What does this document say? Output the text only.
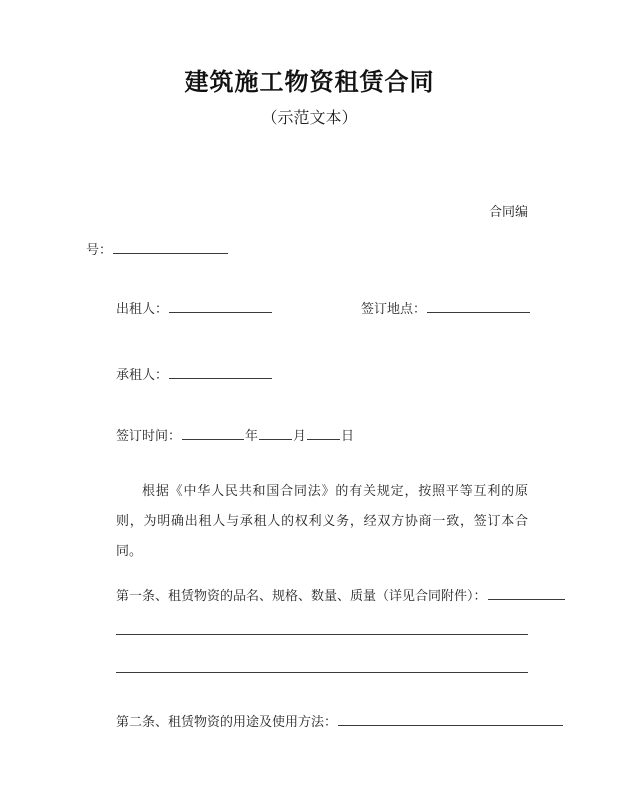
建筑施工物资租赁合同
（示范文本）
合同编
号：
出租人：	签订地点：
承租人：
签订时间：	年	月	日
根据《中华人民共和国合同法》的有关规定，按照平等互利的原则，为明确出租人与承租人的权利义务，经双方协商一致，签订本合同。
第一条、租赁物资的品名、规格、数量、质量（详见合同附件）：
第二条、租赁物资的用途及使用方法：
